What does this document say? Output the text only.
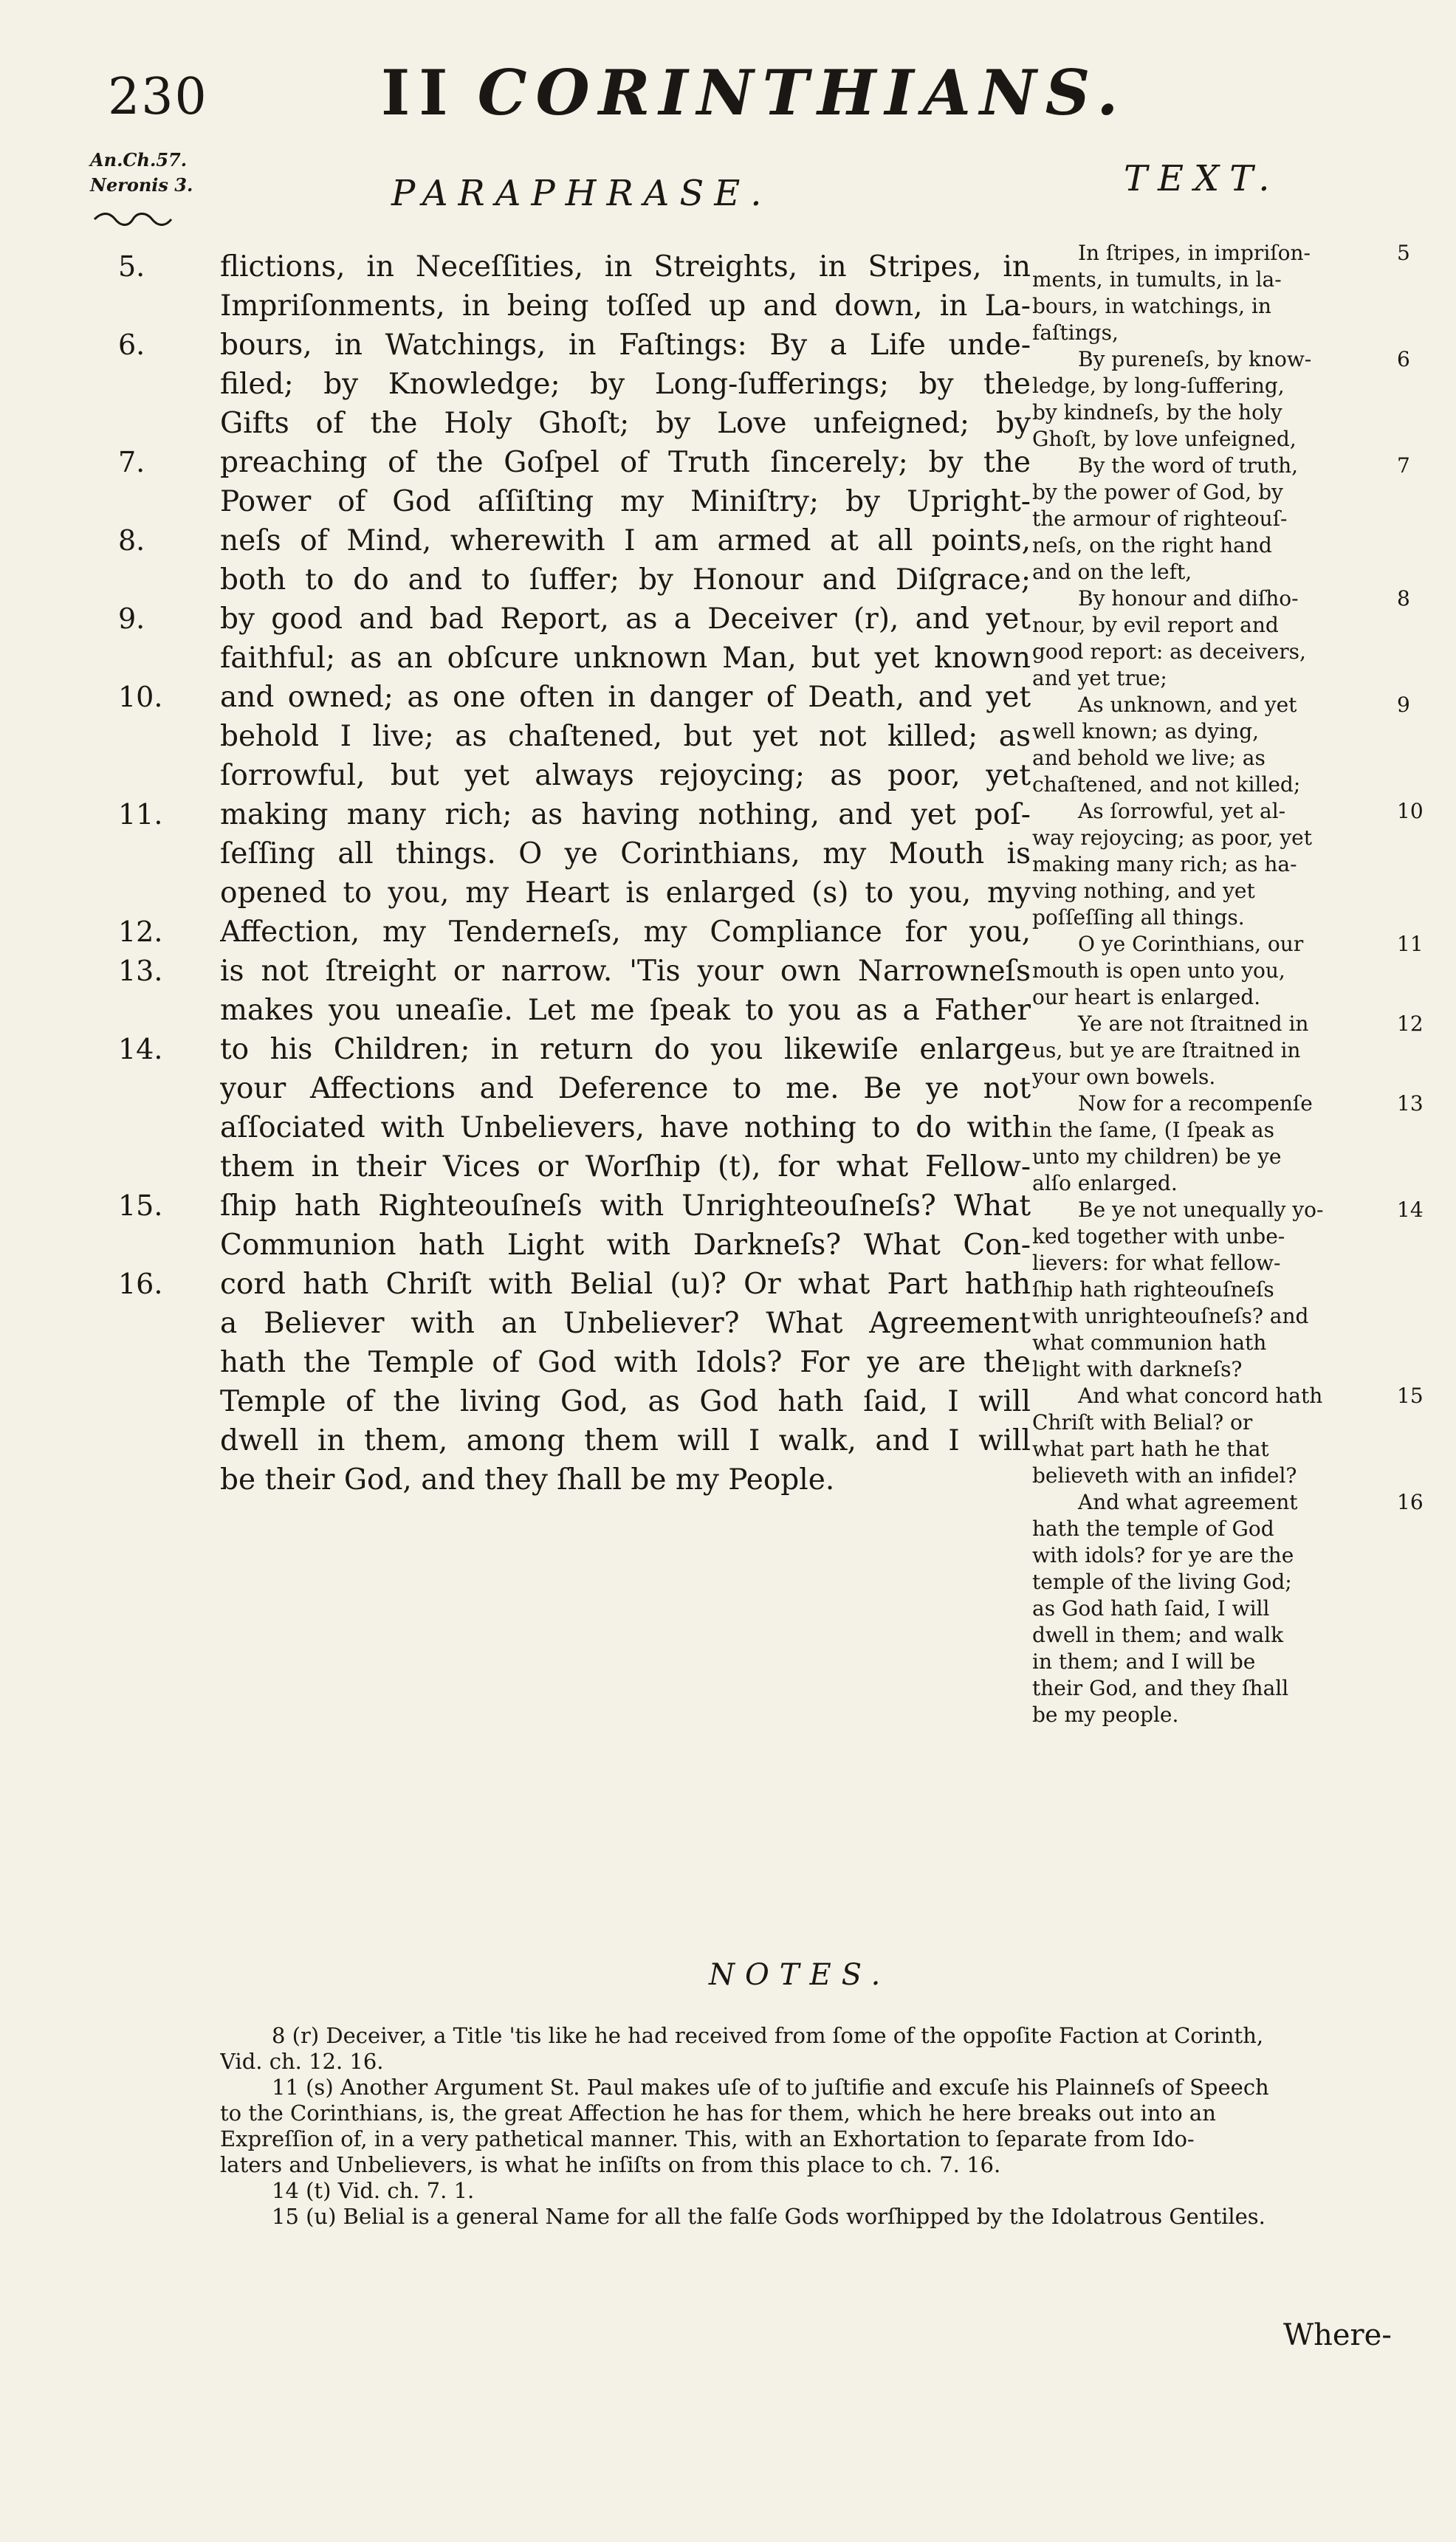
230	II CORINTHIANS.
An.Ch.57.
Neronis 3.	PARAPHRASE.	TEXT.
5.
6.
7.
8.
9.
10.
11.
12.
13.
14.
15.
16.
flictions, in Neceſſities, in Streights, in Stripes, in
Impriſonments, in being toſſed up and down, in La-
bours, in Watchings, in Faſtings: By a Life unde-
filed; by Knowledge; by Long-ſufferings; by the
Gifts of the Holy Ghoſt; by Love unfeigned; by
preaching of the Goſpel of Truth ſincerely; by the
Power of God aſſiſting my Miniſtry; by Upright-
neſs of Mind, wherewith I am armed at all points,
both to do and to ſuffer; by Honour and Diſgrace;
by good and bad Report, as a Deceiver (r), and yet
faithful; as an obſcure unknown Man, but yet known
and owned; as one often in danger of Death, and yet
behold I live; as chaſtened, but yet not killed; as
ſorrowful, but yet always rejoycing; as poor, yet
making many rich; as having nothing, and yet poſ-
ſeſſing all things. O ye Corinthians, my Mouth is
opened to you, my Heart is enlarged (s) to you, my
Affection, my Tenderneſs, my Compliance for you,
is not ſtreight or narrow. 'Tis your own Narrowneſs
makes you uneaſie. Let me ſpeak to you as a Father
to his Children; in return do you likewiſe enlarge
your Affections and Deference to me. Be ye not
aſſociated with Unbelievers, have nothing to do with
them in their Vices or Worſhip (t), for what Fellow-
ſhip hath Righteouſneſs with Unrighteouſneſs? What
Communion hath Light with Darkneſs? What Con-
cord hath Chriſt with Belial (u)? Or what Part hath
a Believer with an Unbeliever? What Agreement
hath the Temple of God with Idols? For ye are the
Temple of the living God, as God hath ſaid, I will
dwell in them, among them will I walk, and I will
be their God, and they ſhall be my People.
In ſtripes, in impriſon-
ments, in tumults, in la-
bours, in watchings, in
faſtings,
By pureneſs, by know-
ledge, by long-ſuffering,
by kindneſs, by the holy
Ghoſt, by love unfeigned,
By the word of truth,
by the power of God, by
the armour of righteouſ-
neſs, on the right hand
and on the left,
By honour and diſho-
nour, by evil report and
good report: as deceivers,
and yet true;
As unknown, and yet
well known; as dying,
and behold we live; as
chaſtened, and not killed;
As ſorrowful, yet al-
way rejoycing; as poor, yet
making many rich; as ha-
ving nothing, and yet
poſſeſſing all things.
O ye Corinthians, our
mouth is open unto you,
our heart is enlarged.
Ye are not ſtraitned in
us, but ye are ſtraitned in
your own bowels.
Now for a recompenſe
in the ſame, (I ſpeak as
unto my children) be ye
alſo enlarged.
Be ye not unequally yo-
ked together with unbe-
lievers: for what fellow-
ſhip hath righteouſneſs
with unrighteouſneſs? and
what communion hath
light with darkneſs?
And what concord hath
Chriſt with Belial? or
what part hath he that
believeth with an infidel?
And what agreement
hath the temple of God
with idols? for ye are the
temple of the living God;
as God hath ſaid, I will
dwell in them; and walk
in them; and I will be
their God, and they ſhall
be my people.
5
6
7
8
9
10
11
12
13
14
15
16
NOTES.
8 (r) Deceiver, a Title 'tis like he had received from ſome of the oppoſite Faction at Corinth,
Vid. ch. 12. 16.
11 (s) Another Argument St. Paul makes uſe of to juſtifie and excuſe his Plainneſs of Speech
to the Corinthians, is, the great Affection he has for them, which he here breaks out into an
Expreſſion of, in a very pathetical manner. This, with an Exhortation to ſeparate from Ido-
laters and Unbelievers, is what he inſiſts on from this place to ch. 7. 16.
14 (t) Vid. ch. 7. 1.
15 (u) Belial is a general Name for all the falſe Gods worſhipped by the Idolatrous Gentiles.
Where-
